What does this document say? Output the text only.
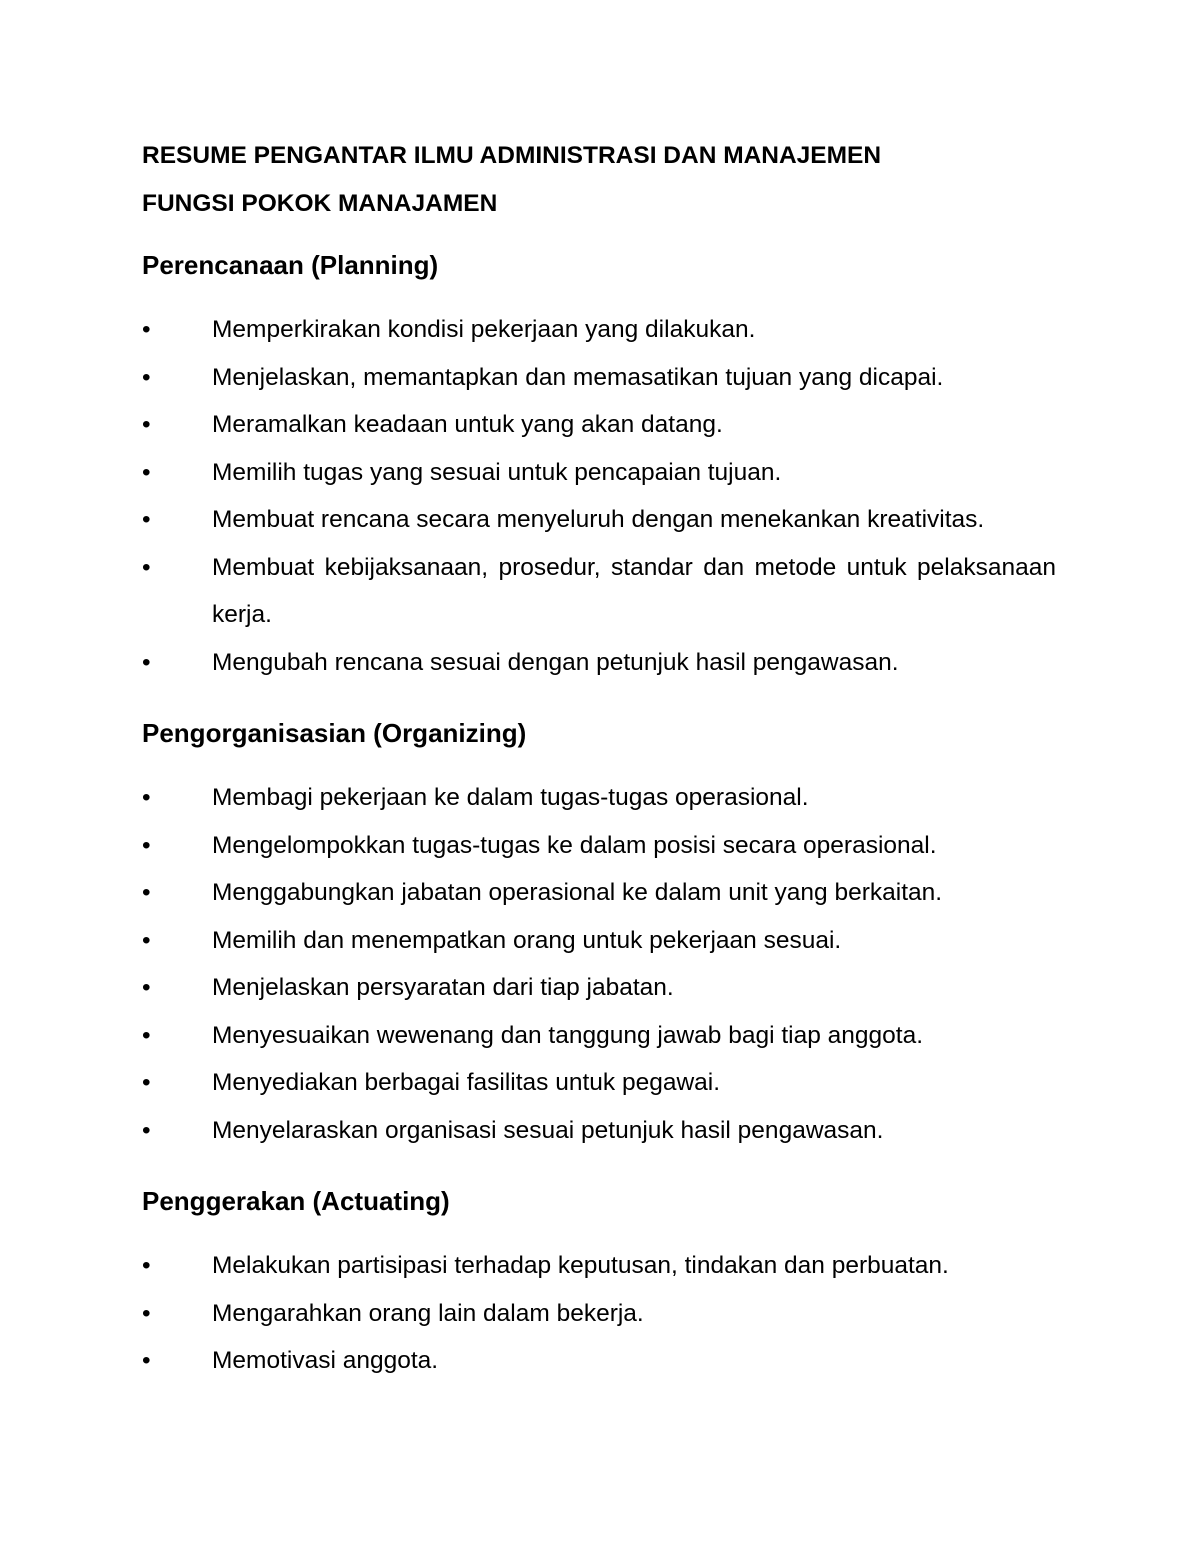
RESUME PENGANTAR ILMU ADMINISTRASI DAN MANAJEMEN
FUNGSI POKOK MANAJAMEN
Perencanaan (Planning)
•	Memperkirakan kondisi pekerjaan yang dilakukan.
•	Menjelaskan, memantapkan dan memasatikan tujuan yang dicapai.
•	Meramalkan keadaan untuk yang akan datang.
•	Memilih tugas yang sesuai untuk pencapaian tujuan.
•	Membuat rencana secara menyeluruh dengan menekankan kreativitas.
•	Membuat kebijaksanaan, prosedur, standar dan metode untuk pelaksanaan kerja.
•	Mengubah rencana sesuai dengan petunjuk hasil pengawasan.
Pengorganisasian (Organizing)
•	Membagi pekerjaan ke dalam tugas-tugas operasional.
•	Mengelompokkan tugas-tugas ke dalam posisi secara operasional.
•	Menggabungkan jabatan operasional ke dalam unit yang berkaitan.
•	Memilih dan menempatkan orang untuk pekerjaan sesuai.
•	Menjelaskan persyaratan dari tiap jabatan.
•	Menyesuaikan wewenang dan tanggung jawab bagi tiap anggota.
•	Menyediakan berbagai fasilitas untuk pegawai.
•	Menyelaraskan organisasi sesuai petunjuk hasil pengawasan.
Penggerakan (Actuating)
•	Melakukan partisipasi terhadap keputusan, tindakan dan perbuatan.
•	Mengarahkan orang lain dalam bekerja.
•	Memotivasi anggota.
